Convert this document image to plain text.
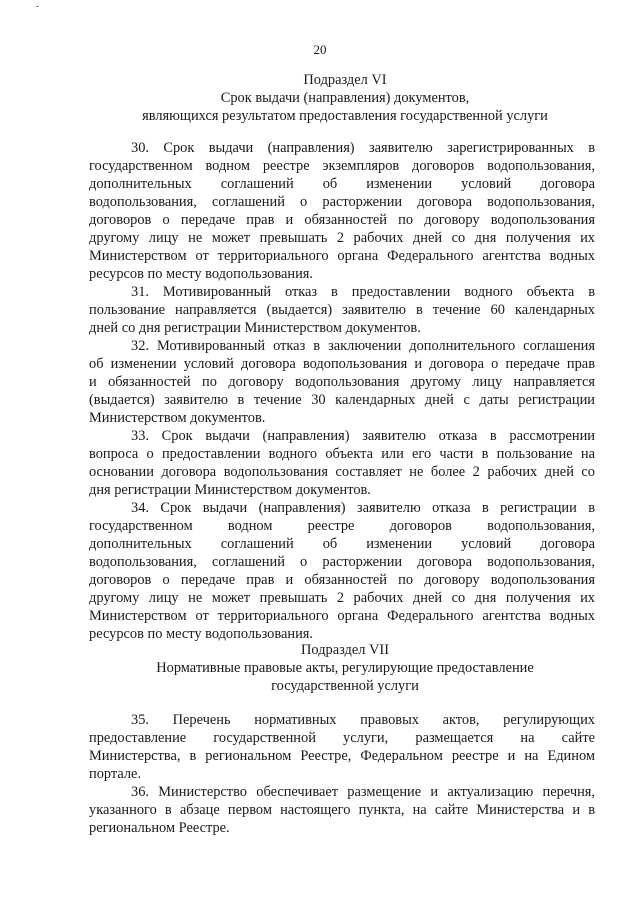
20
Подраздел VI
Срок выдачи (направления) документов,
являющихся результатом предоставления государственной услуги
30. Срок выдачи (направления) заявителю зарегистрированных в
государственном водном реестре экземпляров договоров водопользования,
дополнительных соглашений об изменении условий договора
водопользования, соглашений о расторжении договора водопользования,
договоров о передаче прав и обязанностей по договору водопользования
другому лицу не может превышать 2 рабочих дней со дня получения их
Министерством от территориального органа Федерального агентства водных
ресурсов по месту водопользования.
31. Мотивированный отказ в предоставлении водного объекта в
пользование направляется (выдается) заявителю в течение 60 календарных
дней со дня регистрации Министерством документов.
32. Мотивированный отказ в заключении дополнительного соглашения
об изменении условий договора водопользования и договора о передаче прав
и обязанностей по договору водопользования другому лицу направляется
(выдается) заявителю в течение 30 календарных дней с даты регистрации
Министерством документов.
33. Срок выдачи (направления) заявителю отказа в рассмотрении
вопроса о предоставлении водного объекта или его части в пользование на
основании договора водопользования составляет не более 2 рабочих дней со
дня регистрации Министерством документов.
34. Срок выдачи (направления) заявителю отказа в регистрации в
государственном водном реестре договоров водопользования,
дополнительных соглашений об изменении условий договора
водопользования, соглашений о расторжении договора водопользования,
договоров о передаче прав и обязанностей по договору водопользования
другому лицу не может превышать 2 рабочих дней со дня получения их
Министерством от территориального органа Федерального агентства водных
ресурсов по месту водопользования.
Подраздел VII
Нормативные правовые акты, регулирующие предоставление
государственной услуги
35. Перечень нормативных правовых актов, регулирующих
предоставление государственной услуги, размещается на сайте
Министерства, в региональном Реестре, Федеральном реестре и на Едином
портале.
36. Министерство обеспечивает размещение и актуализацию перечня,
указанного в абзаце первом настоящего пункта, на сайте Министерства и в
региональном Реестре.
